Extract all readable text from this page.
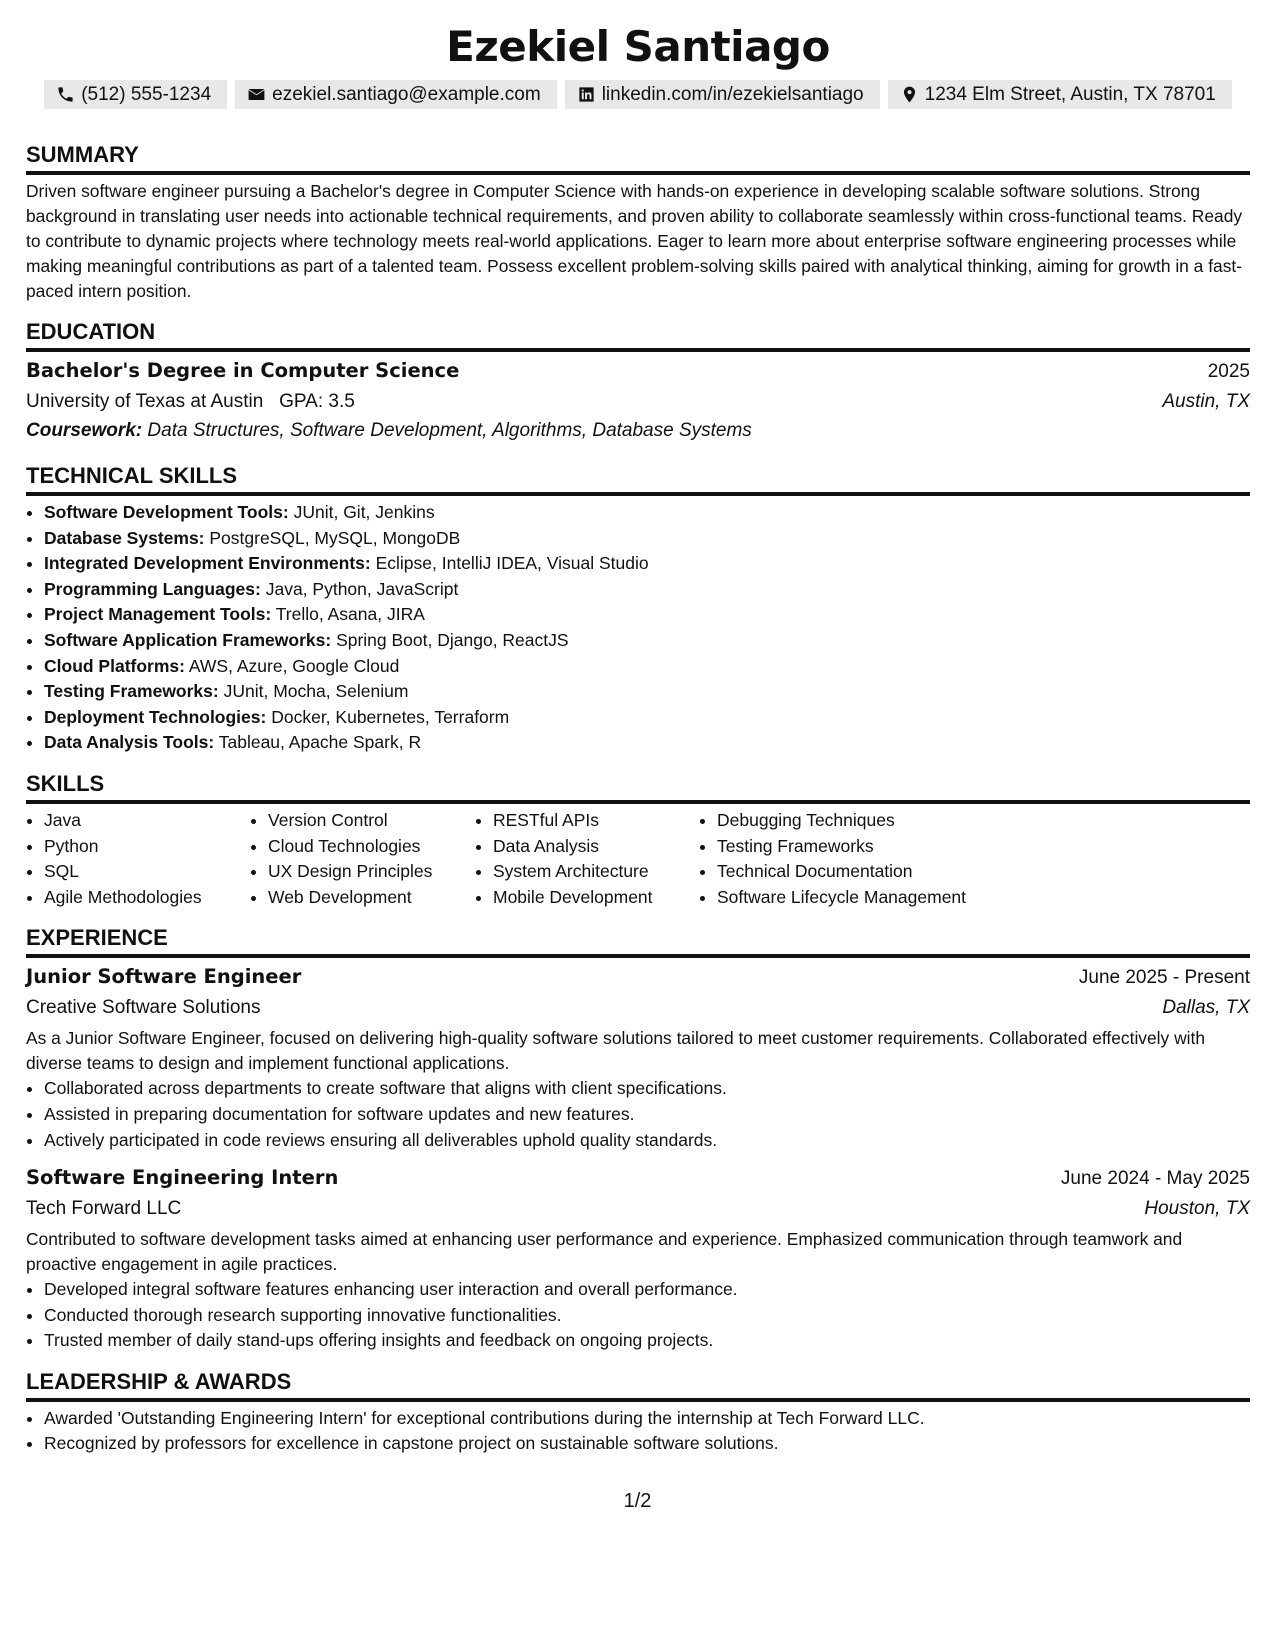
Ezekiel Santiago
(512) 555-1234	ezekiel.santiago@example.com	linkedin.com/in/ezekielsantiago	1234 Elm Street, Austin, TX 78701
SUMMARY

Driven software engineer pursuing a Bachelor's degree in Computer Science with hands-on experience in developing scalable software solutions. Strong background in translating user needs into actionable technical requirements, and proven ability to collaborate seamlessly within cross-functional teams. Ready to contribute to dynamic projects where technology meets real-world applications. Eager to learn more about enterprise software engineering processes while making meaningful contributions as part of a talented team. Possess excellent problem-solving skills paired with analytical thinking, aiming for growth in a fast-paced intern position.

EDUCATION
Bachelor's Degree in Computer Science	2025
University of Texas at Austin GPA: 3.5	Austin, TX
Coursework: Data Structures, Software Development, Algorithms, Database Systems
TECHNICAL SKILLS
• Software Development Tools: JUnit, Git, Jenkins
• Database Systems: PostgreSQL, MySQL, MongoDB
• Integrated Development Environments: Eclipse, IntelliJ IDEA, Visual Studio
• Programming Languages: Java, Python, JavaScript
• Project Management Tools: Trello, Asana, JIRA
• Software Application Frameworks: Spring Boot, Django, ReactJS
• Cloud Platforms: AWS, Azure, Google Cloud
• Testing Frameworks: JUnit, Mocha, Selenium
• Deployment Technologies: Docker, Kubernetes, Terraform
• Data Analysis Tools: Tableau, Apache Spark, R
SKILLS
• Java
• Python
• SQL
• Agile Methodologies
• Version Control
• Cloud Technologies
• UX Design Principles
• Web Development
• RESTful APIs
• Data Analysis
• System Architecture
• Mobile Development
• Debugging Techniques
• Testing Frameworks
• Technical Documentation
• Software Lifecycle Management
EXPERIENCE
Junior Software Engineer	June 2025 - Present
Creative Software Solutions	Dallas, TX

As a Junior Software Engineer, focused on delivering high-quality software solutions tailored to meet customer requirements. Collaborated effectively with diverse teams to design and implement functional applications.

• Collaborated across departments to create software that aligns with client specifications.
• Assisted in preparing documentation for software updates and new features.
• Actively participated in code reviews ensuring all deliverables uphold quality standards.
Software Engineering Intern	June 2024 - May 2025
Tech Forward LLC	Houston, TX

Contributed to software development tasks aimed at enhancing user performance and experience. Emphasized communication through teamwork and proactive engagement in agile practices.

• Developed integral software features enhancing user interaction and overall performance.
• Conducted thorough research supporting innovative functionalities.
• Trusted member of daily stand-ups offering insights and feedback on ongoing projects.
LEADERSHIP & AWARDS
• Awarded 'Outstanding Engineering Intern' for exceptional contributions during the internship at Tech Forward LLC.
• Recognized by professors for excellence in capstone project on sustainable software solutions.
1/2
